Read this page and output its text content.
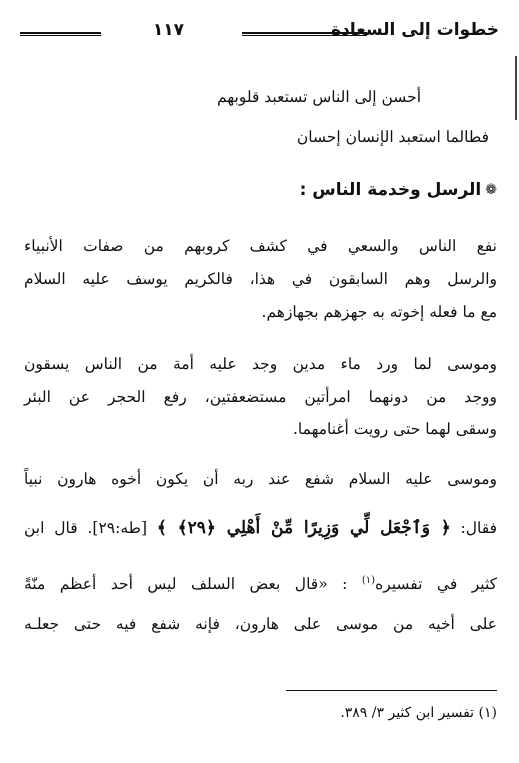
خطوات إلى السعادة
١١٧
أحسن إلى الناس تستعبد قلوبهم
فطالما استعبد الإنسان إحسان
❁
الرسل وخدمة الناس :
نفع الناس والسعي في كشف كروبهم من صفات الأنبياء
والرسل وهم السابقون في هذا، فالكريم يوسف عليه السلام
مع ما فعله إخوته به جهزهم بجهازهم.
وموسى لما ورد ماء مدين وجد عليه أمة من الناس يسقون
ووجد من دونهما امرأتين مستضعفتين، رفع الحجر عن البئر
وسقى لهما حتى رويت أغنامهما.
وموسى عليه السلام شفع عند ربه أن يكون أخوه هارون نبياً
فقال: ﴿ وَٱجْعَل لِّي وَزِيرًا مِّنْ أَهْلِي ﴿٢٩﴾ ﴾ [طه:٢٩]. قال ابن
كثير في تفسيره$^{(١)}$ : «قال بعض السلف ليس أحد أعظم منّةً
على أخيه من موسى على هارون، فإنه شفع فيه حتى جعلـه
(١) تفسير ابن كثير ٣/ ٣٨٩.
